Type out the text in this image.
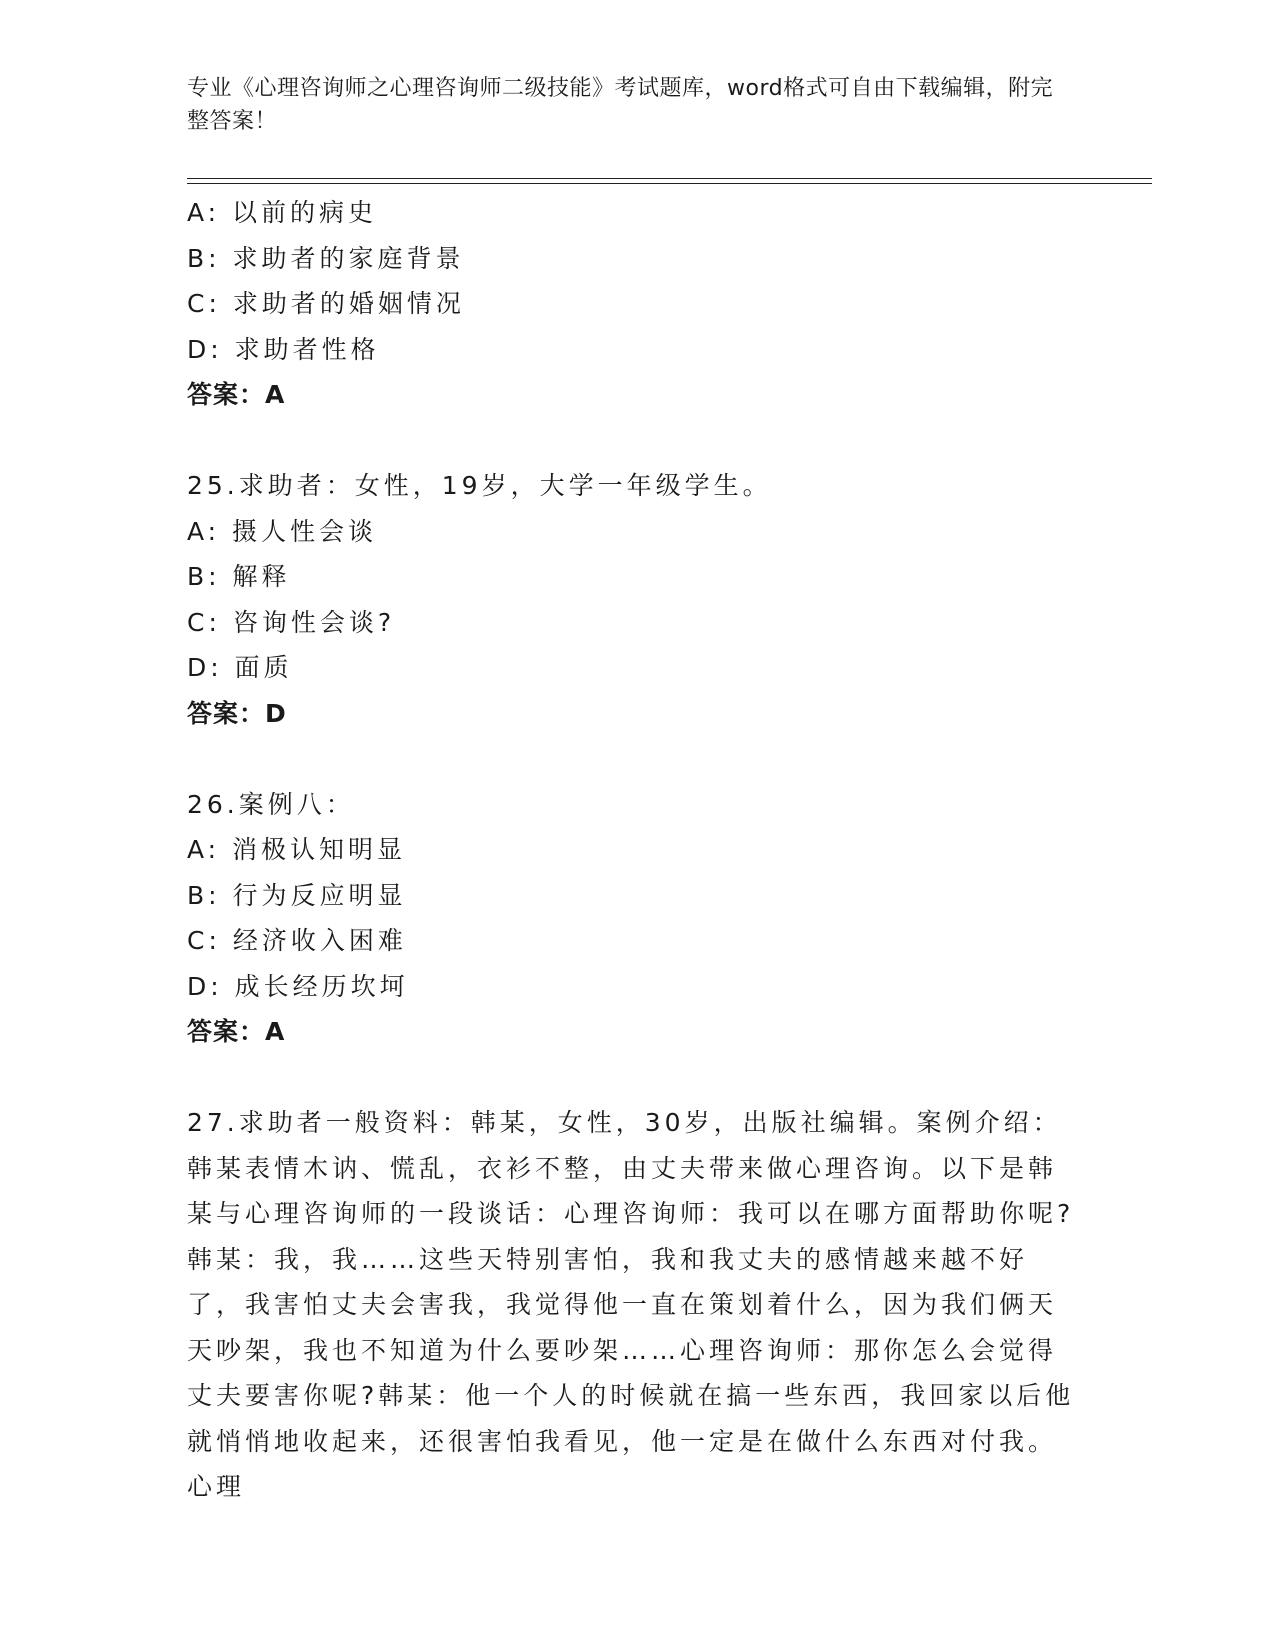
专业《心理咨询师之心理咨询师二级技能》考试题库，word格式可自由下载编辑，附完整答案！
A: 以前的病史
B: 求助者的家庭背景
C: 求助者的婚姻情况
D: 求助者性格
答案：A
25.求助者：女性，19岁，大学一年级学生。
A: 摄人性会谈
B: 解释
C: 咨询性会谈?
D: 面质
答案：D
26.案例八：
A: 消极认知明显
B: 行为反应明显
C: 经济收入困难
D: 成长经历坎坷
答案：A
27.求助者一般资料：韩某，女性，30岁，出版社编辑。案例介绍：韩某表情木讷、慌乱，衣衫不整，由丈夫带来做心理咨询。以下是韩某与心理咨询师的一段谈话：心理咨询师：我可以在哪方面帮助你呢?韩某：我，我……这些天特别害怕，我和我丈夫的感情越来越不好了，我害怕丈夫会害我，我觉得他一直在策划着什么，因为我们俩天天吵架，我也不知道为什么要吵架……心理咨询师：那你怎么会觉得丈夫要害你呢?韩某：他一个人的时候就在搞一些东西，我回家以后他就悄悄地收起来，还很害怕我看见，他一定是在做什么东西对付我。心理
